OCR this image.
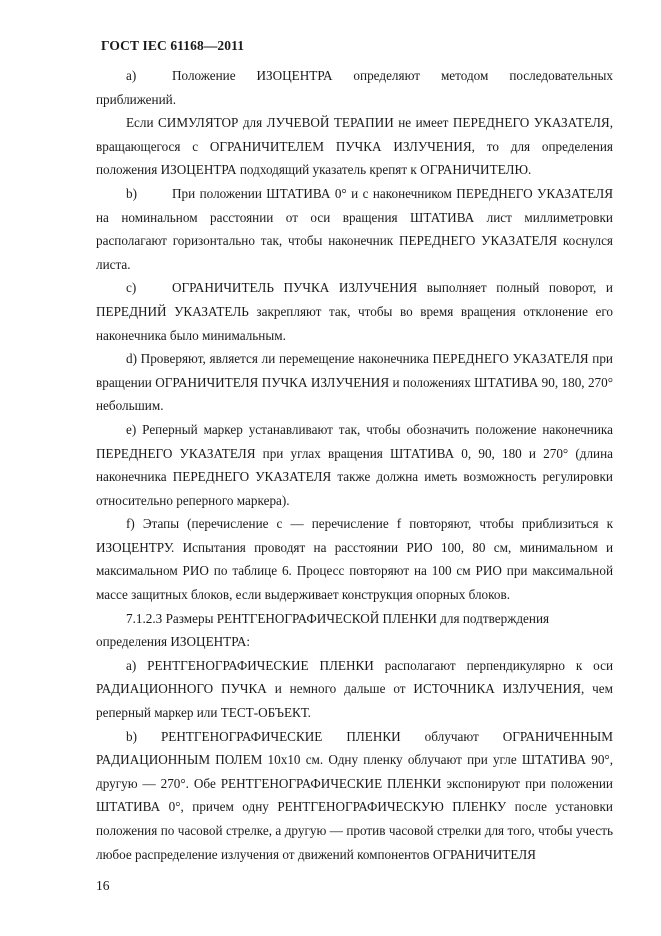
ГОСТ IEC 61168—2011

а)	Положение ИЗОЦЕНТРА определяют методом последовательных приближений.

Если СИМУЛЯТОР для ЛУЧЕВОЙ ТЕРАПИИ не имеет ПЕРЕДНЕГО УКАЗАТЕЛЯ, вращающегося с ОГРАНИЧИТЕЛЕМ ПУЧКА ИЗЛУЧЕНИЯ, то для определения положения ИЗОЦЕНТРА подходящий указатель крепят к ОГРАНИЧИТЕЛЮ.

b)	При положении ШТАТИВА 0° и с наконечником ПЕРЕДНЕГО УКАЗАТЕЛЯ на номинальном расстоянии от оси вращения ШТАТИВА лист миллиметровки располагают горизонтально так, чтобы наконечник ПЕРЕДНЕГО УКАЗАТЕЛЯ коснулся листа.

c)	ОГРАНИЧИТЕЛЬ ПУЧКА ИЗЛУЧЕНИЯ выполняет полный поворот, и ПЕРЕДНИЙ УКАЗАТЕЛЬ закрепляют так, чтобы во время вращения отклонение его наконечника было минимальным.

d) Проверяют, является ли перемещение наконечника ПЕРЕДНЕГО УКАЗАТЕЛЯ при вращении ОГРАНИЧИТЕЛЯ ПУЧКА ИЗЛУЧЕНИЯ и положениях ШТАТИВА 90, 180, 270° небольшим.

e) Реперный маркер устанавливают так, чтобы обозначить положение наконечника ПЕРЕДНЕГО УКАЗАТЕЛЯ при углах вращения ШТАТИВА 0, 90, 180 и 270° (длина наконечника ПЕРЕДНЕГО УКАЗАТЕЛЯ также должна иметь возможность регулировки относительно реперного маркера).

f) Этапы (перечисление с — перечисление f повторяют, чтобы приблизиться к ИЗОЦЕНТРУ. Испытания проводят на расстоянии РИО 100, 80 см, минимальном и максимальном РИО по таблице 6. Процесс повторяют на 100 см РИО при максимальной массе защитных блоков, если выдерживает конструкция опорных блоков.

7.1.2.3 Размеры РЕНТГЕНОГРАФИЧЕСКОЙ ПЛЕНКИ для подтверждения определения ИЗОЦЕНТРА:

а) РЕНТГЕНОГРАФИЧЕСКИЕ ПЛЕНКИ располагают перпендикулярно к оси РАДИАЦИОННОГО ПУЧКА и немного дальше от ИСТОЧНИКА ИЗЛУЧЕНИЯ, чем реперный маркер или ТЕСТ-ОБЪЕКТ.

b) РЕНТГЕНОГРАФИЧЕСКИЕ ПЛЕНКИ облучают ОГРАНИЧЕННЫМ РАДИАЦИОННЫМ ПОЛЕМ 10x10 см. Одну пленку облучают при угле ШТАТИВА 90°, другую — 270°. Обе РЕНТГЕНОГРАФИЧЕСКИЕ ПЛЕНКИ экспонируют при положении ШТАТИВА 0°, причем одну РЕНТГЕНОГРАФИЧЕСКУЮ ПЛЕНКУ после установки положения по часовой стрелке, а другую — против часовой стрелки для того, чтобы учесть любое распределение излучения от движений компонентов ОГРАНИЧИТЕЛЯ

16
